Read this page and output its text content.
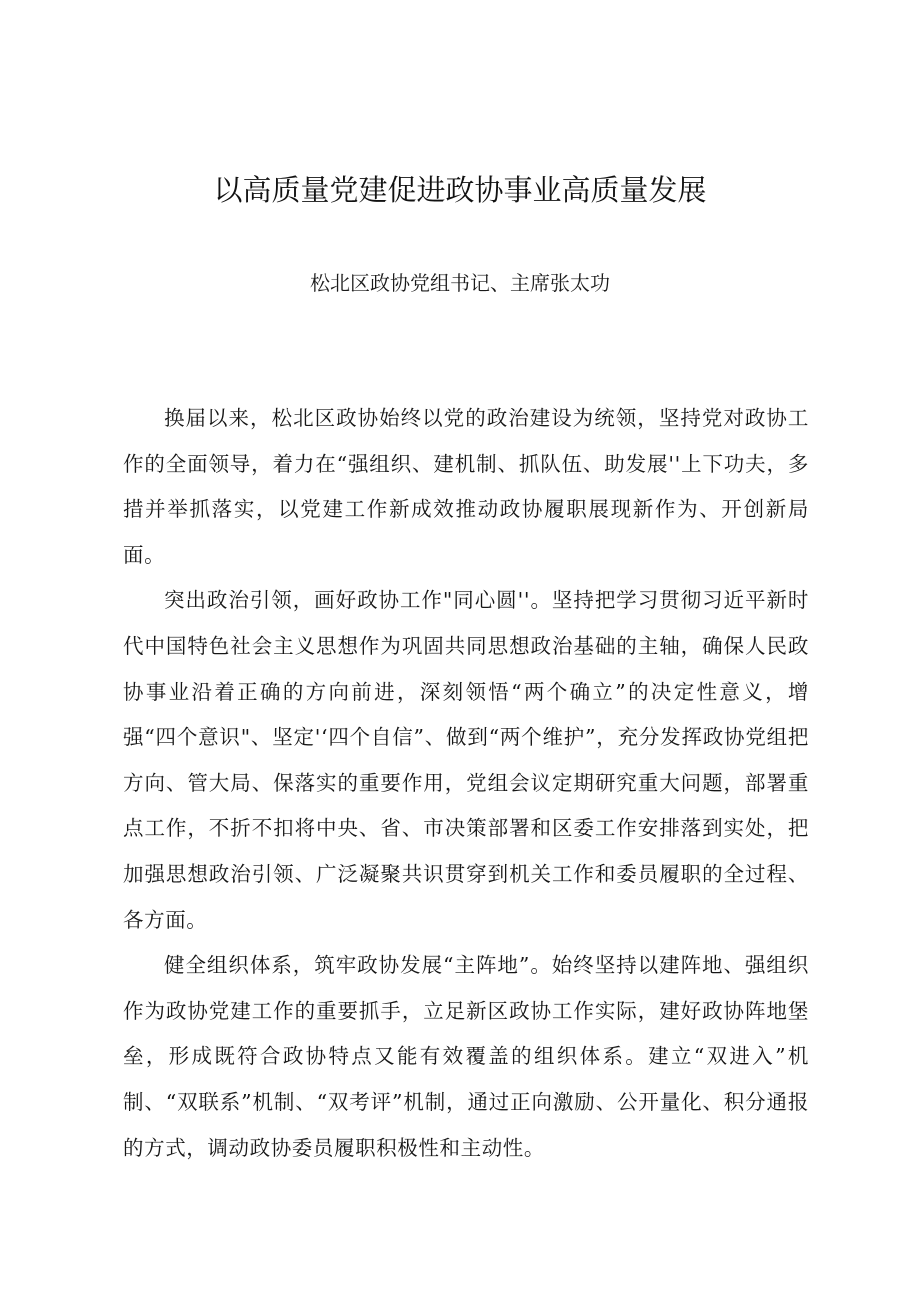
以高质量党建促进政协事业高质量发展
松北区政协党组书记、主席张太功

换届以来，松北区政协始终以党的政治建设为统领，坚持党对政协工作的全面领导，着力在“强组织、建机制、抓队伍、助发展''上下功夫，多措并举抓落实，以党建工作新成效推动政协履职展现新作为、开创新局面。

突出政治引领，画好政协工作"同心圆''。坚持把学习贯彻习近平新时代中国特色社会主义思想作为巩固共同思想政治基础的主轴，确保人民政协事业沿着正确的方向前进，深刻领悟“两个确立”的决定性意义，增强“四个意识"、坚定'‘四个自信”、做到“两个维护”，充分发挥政协党组把方向、管大局、保落实的重要作用，党组会议定期研究重大问题，部署重点工作，不折不扣将中央、省、市决策部署和区委工作安排落到实处，把加强思想政治引领、广泛凝聚共识贯穿到机关工作和委员履职的全过程、各方面。

健全组织体系，筑牢政协发展“主阵地”。始终坚持以建阵地、强组织作为政协党建工作的重要抓手，立足新区政协工作实际，建好政协阵地堡垒，形成既符合政协特点又能有效覆盖的组织体系。建立“双进入”机制、“双联系”机制、“双考评”机制，通过正向激励、公开量化、积分通报的方式，调动政协委员履职积极性和主动性。
